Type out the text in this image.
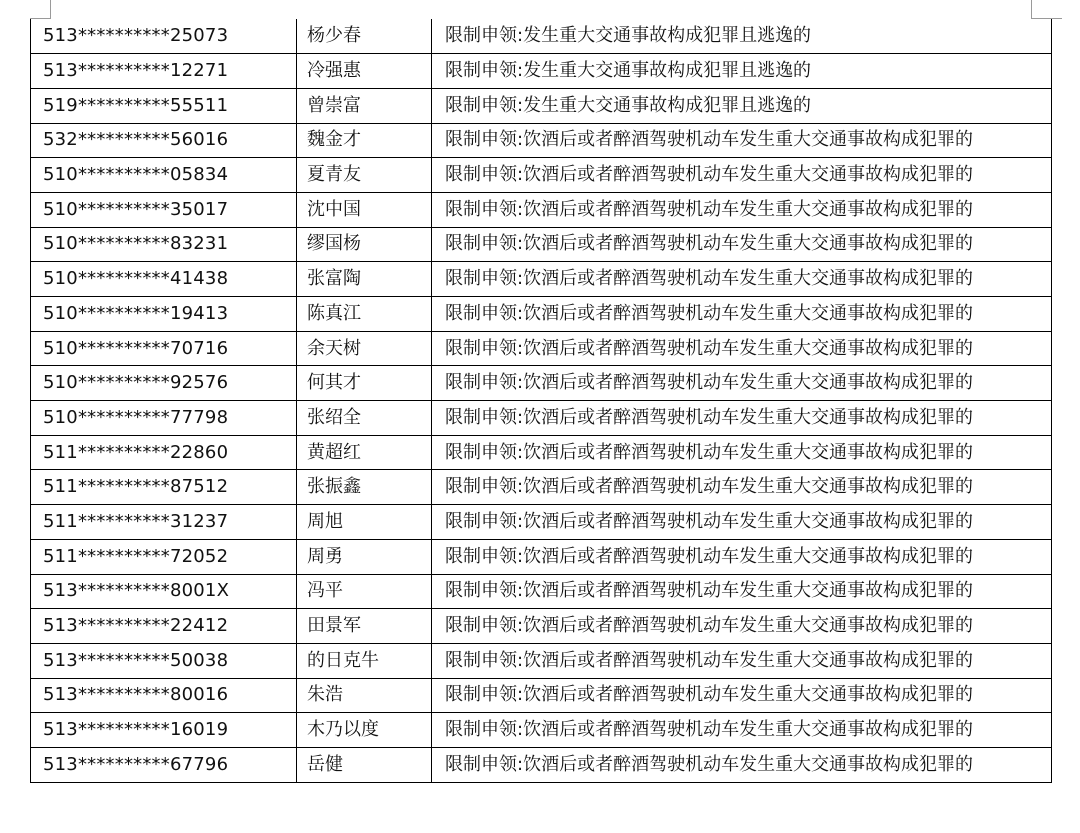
513**********25073	杨少春	限制申领:发生重大交通事故构成犯罪且逃逸的
513**********12271	冷强惠	限制申领:发生重大交通事故构成犯罪且逃逸的
519**********55511	曾崇富	限制申领:发生重大交通事故构成犯罪且逃逸的
532**********56016	魏金才	限制申领:饮酒后或者醉酒驾驶机动车发生重大交通事故构成犯罪的
510**********05834	夏青友	限制申领:饮酒后或者醉酒驾驶机动车发生重大交通事故构成犯罪的
510**********35017	沈中国	限制申领:饮酒后或者醉酒驾驶机动车发生重大交通事故构成犯罪的
510**********83231	缪国杨	限制申领:饮酒后或者醉酒驾驶机动车发生重大交通事故构成犯罪的
510**********41438	张富陶	限制申领:饮酒后或者醉酒驾驶机动车发生重大交通事故构成犯罪的
510**********19413	陈真江	限制申领:饮酒后或者醉酒驾驶机动车发生重大交通事故构成犯罪的
510**********70716	余天树	限制申领:饮酒后或者醉酒驾驶机动车发生重大交通事故构成犯罪的
510**********92576	何其才	限制申领:饮酒后或者醉酒驾驶机动车发生重大交通事故构成犯罪的
510**********77798	张绍全	限制申领:饮酒后或者醉酒驾驶机动车发生重大交通事故构成犯罪的
511**********22860	黄超红	限制申领:饮酒后或者醉酒驾驶机动车发生重大交通事故构成犯罪的
511**********87512	张振鑫	限制申领:饮酒后或者醉酒驾驶机动车发生重大交通事故构成犯罪的
511**********31237	周旭	限制申领:饮酒后或者醉酒驾驶机动车发生重大交通事故构成犯罪的
511**********72052	周勇	限制申领:饮酒后或者醉酒驾驶机动车发生重大交通事故构成犯罪的
513**********8001X	冯平	限制申领:饮酒后或者醉酒驾驶机动车发生重大交通事故构成犯罪的
513**********22412	田景军	限制申领:饮酒后或者醉酒驾驶机动车发生重大交通事故构成犯罪的
513**********50038	的日克牛	限制申领:饮酒后或者醉酒驾驶机动车发生重大交通事故构成犯罪的
513**********80016	朱浩	限制申领:饮酒后或者醉酒驾驶机动车发生重大交通事故构成犯罪的
513**********16019	木乃以度	限制申领:饮酒后或者醉酒驾驶机动车发生重大交通事故构成犯罪的
513**********67796	岳健	限制申领:饮酒后或者醉酒驾驶机动车发生重大交通事故构成犯罪的
